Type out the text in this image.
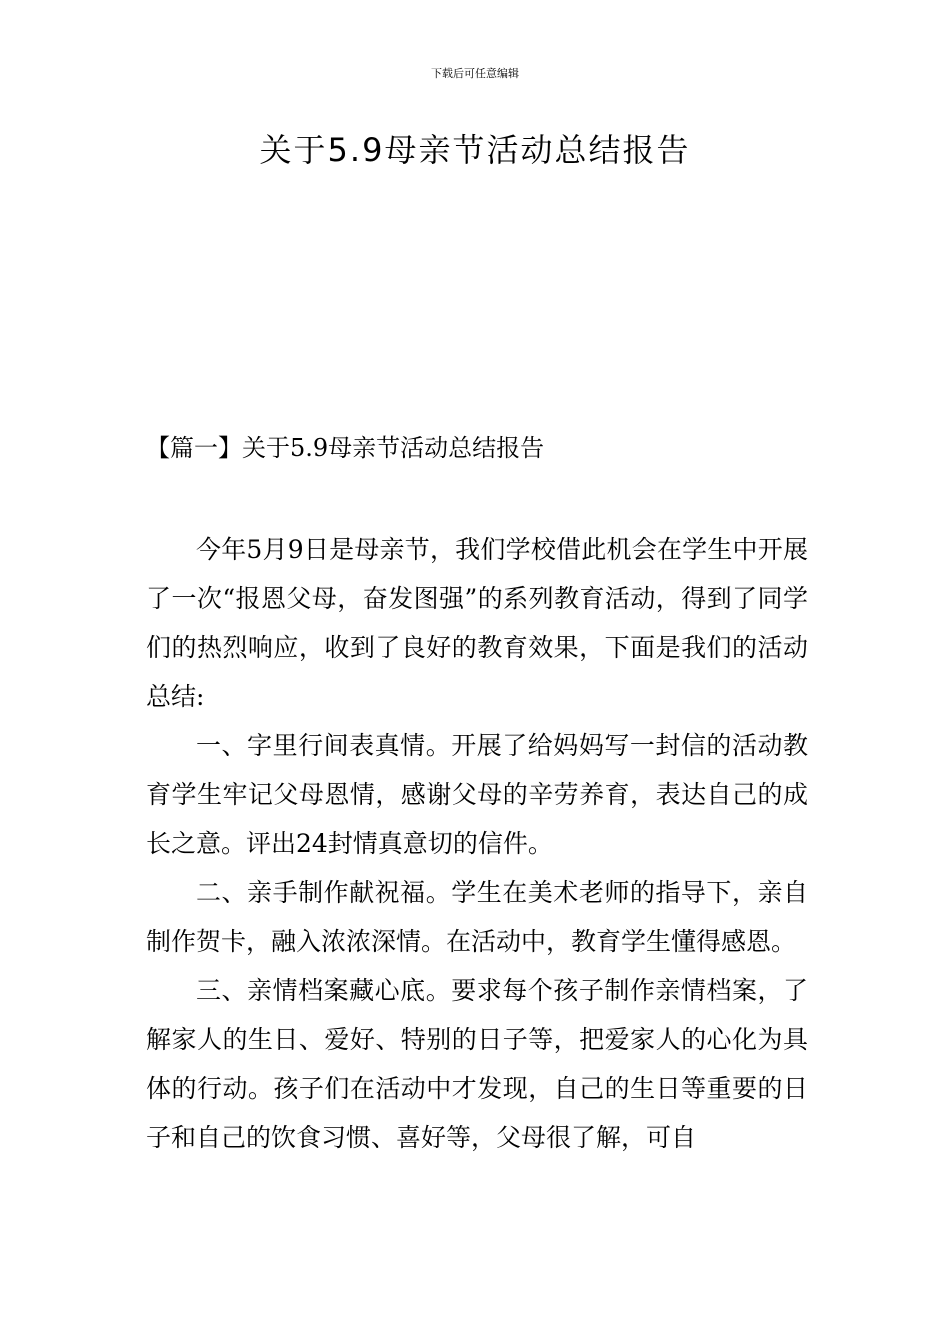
下载后可任意编辑
关于5.9母亲节活动总结报告
【篇一】关于5.9母亲节活动总结报告

今年5月9日是母亲节，我们学校借此机会在学生中开展了一次“报恩父母，奋发图强”的系列教育活动，得到了同学们的热烈响应，收到了良好的教育效果，下面是我们的活动总结:

一、字里行间表真情。开展了给妈妈写一封信的活动教育学生牢记父母恩情，感谢父母的辛劳养育，表达自己的成长之意。评出24封情真意切的信件。

二、亲手制作献祝福。学生在美术老师的指导下，亲自制作贺卡，融入浓浓深情。在活动中，教育学生懂得感恩。

三、亲情档案藏心底。要求每个孩子制作亲情档案，了解家人的生日、爱好、特别的日子等，把爱家人的心化为具体的行动。孩子们在活动中才发现，自己的生日等重要的日子和自己的饮食习惯、喜好等，父母很了解，可自
